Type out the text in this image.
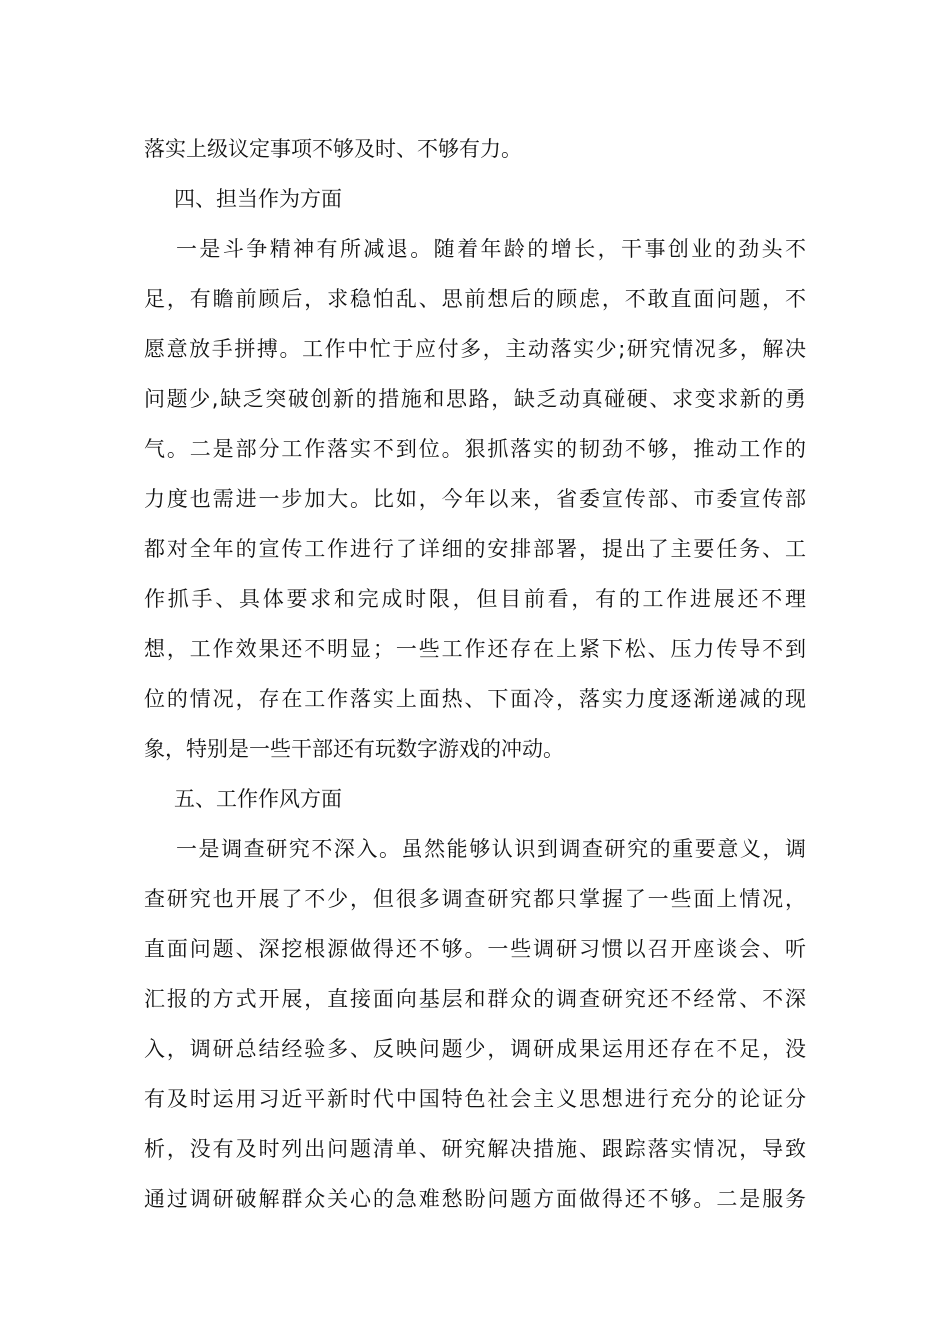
落实上级议定事项不够及时、不够有力。
四、担当作为方面
一是斗争精神有所减退。随着年龄的增长，干事创业的劲头不
足，有瞻前顾后，求稳怕乱、思前想后的顾虑，不敢直面问题，不
愿意放手拼搏。工作中忙于应付多，主动落实少;研究情况多，解决
问题少,缺乏突破创新的措施和思路，缺乏动真碰硬、求变求新的勇
气。二是部分工作落实不到位。狠抓落实的韧劲不够，推动工作的
力度也需进一步加大。比如，今年以来，省委宣传部、市委宣传部
都对全年的宣传工作进行了详细的安排部署，提出了主要任务、工
作抓手、具体要求和完成时限，但目前看，有的工作进展还不理
想，工作效果还不明显；一些工作还存在上紧下松、压力传导不到
位的情况，存在工作落实上面热、下面冷，落实力度逐渐递减的现
象，特别是一些干部还有玩数字游戏的冲动。
五、工作作风方面
一是调查研究不深入。虽然能够认识到调查研究的重要意义，调
查研究也开展了不少，但很多调查研究都只掌握了一些面上情况，
直面问题、深挖根源做得还不够。一些调研习惯以召开座谈会、听
汇报的方式开展，直接面向基层和群众的调查研究还不经常、不深
入，调研总结经验多、反映问题少，调研成果运用还存在不足，没
有及时运用习近平新时代中国特色社会主义思想进行充分的论证分
析，没有及时列出问题清单、研究解决措施、跟踪落实情况，导致
通过调研破解群众关心的急难愁盼问题方面做得还不够。二是服务
